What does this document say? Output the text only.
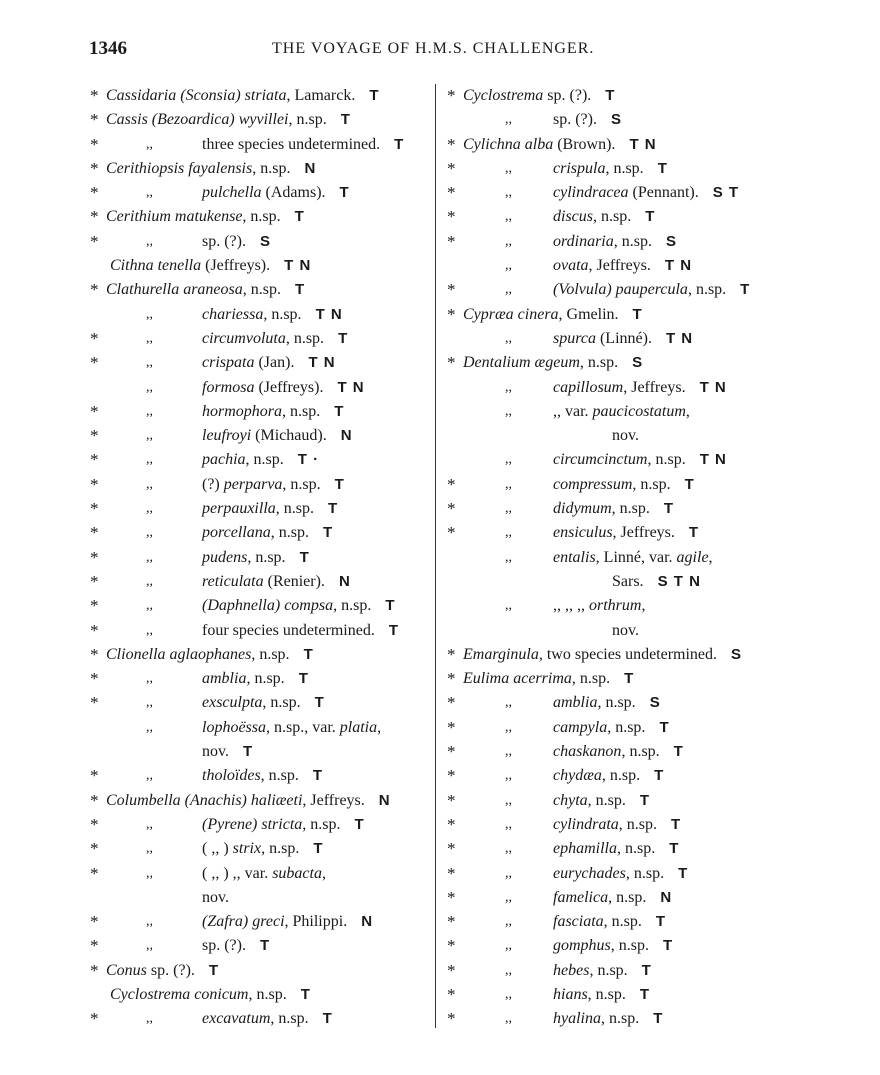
1346	THE VOYAGE OF H.M.S. CHALLENGER.
* Cassidaria (Sconsia) striata, Lamarck. T
* Cassis (Bezoardica) wyvillei, n.sp. T
*	,,	three species undetermined. T
* Cerithiopsis fayalensis, n.sp. N
*	,,	pulchella (Adams). T
* Cerithium matukense, n.sp. T
*	,,	sp. (?). S
Cithna tenella (Jeffreys). T N
* Clathurella araneosa, n.sp. T
,,	chariessa, n.sp. T N
*	,,	circumvoluta, n.sp. T
*	,,	crispata (Jan). T N
,,	formosa (Jeffreys). T N
*	,,	hormophora, n.sp. T
*	,,	leufroyi (Michaud). N
*	,,	pachia, n.sp. T ·
*	,,	(?) perparva, n.sp. T
*	,,	perpauxilla, n.sp. T
*	,,	porcellana, n.sp. T
*	,,	pudens, n.sp. T
*	,,	reticulata (Renier). N
*	,,	(Daphnella) compsa, n.sp. T
*	,,	four species undetermined. T
* Clionella aglaophanes, n.sp. T
*	,,	amblia, n.sp. T
*	,,	exsculpta, n.sp. T
,,	lophoëssa, n.sp., var. platia,
nov. T
*	,,	tholoïdes, n.sp. T
* Columbella (Anachis) haliæeti, Jeffreys. N
*	,,	(Pyrene) stricta, n.sp. T
*	,,	( ,, ) strix, n.sp. T
*	,,	( ,, ) ,, var. subacta,
nov.
*	,,	(Zafra) greci, Philippi. N
*	,,	sp. (?). T
* Conus sp. (?). T
Cyclostrema conicum, n.sp. T
*	,,	excavatum, n.sp. T
* Cyclostrema sp. (?). T
,,	sp. (?). S
* Cylichna alba (Brown). T N
*	,,	crispula, n.sp. T
*	,,	cylindracea (Pennant). S T
*	,,	discus, n.sp. T
*	,,	ordinaria, n.sp. S
,,	ovata, Jeffreys. T N
*	,,	(Volvula) paupercula, n.sp. T
* Cypræa cinera, Gmelin. T
,,	spurca (Linné). T N
* Dentalium ægeum, n.sp. S
,,	capillosum, Jeffreys. T N
,,	,, var. paucicostatum,
nov.
,,	circumcinctum, n.sp. T N
*	,,	compressum, n.sp. T
*	,,	didymum, n.sp. T
*	,,	ensiculus, Jeffreys. T
,,	entalis, Linné, var. agile,
Sars. S T N
,,	,, ,, ,, orthrum,
nov.
* Emarginula, two species undetermined. S
* Eulima acerrima, n.sp. T
*	,,	amblia, n.sp. S
*	,,	campyla, n.sp. T
*	,,	chaskanon, n.sp. T
*	,,	chydæa, n.sp. T
*	,,	chyta, n.sp. T
*	,,	cylindrata, n.sp. T
*	,,	ephamilla, n.sp. T
*	,,	eurychades, n.sp. T
*	,,	famelica, n.sp. N
*	,,	fasciata, n.sp. T
*	,,	gomphus, n.sp. T
*	,,	hebes, n.sp. T
*	,,	hians, n.sp. T
*	,,	hyalina, n.sp. T
